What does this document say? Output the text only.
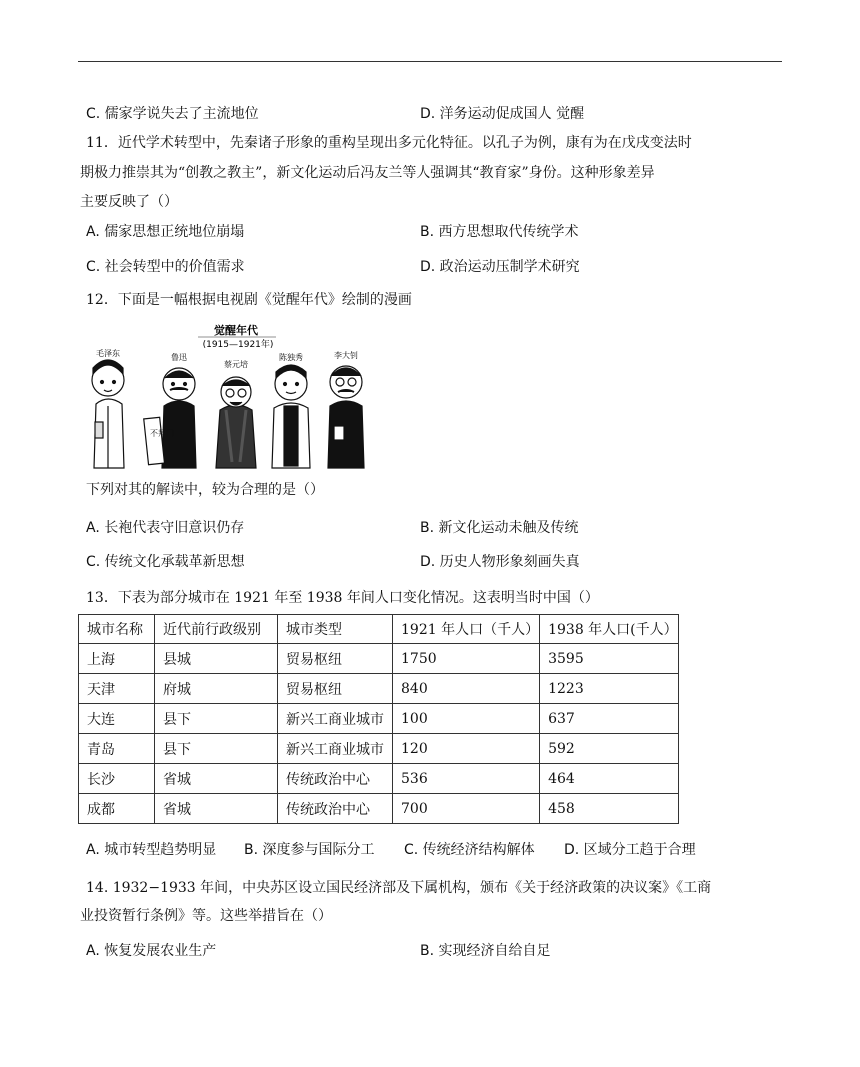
C. 儒家学说失去了主流地位	D. 洋务运动促成国人 觉醒
11．近代学术转型中，先秦诸子形象的重构呈现出多元化特征。以孔子为例，康有为在戊戌变法时
期极力推崇其为“创教之教主”，新文化运动后冯友兰等人强调其“教育家”身份。这种形象差异
主要反映了（）
A. 儒家思想正统地位崩塌	B. 西方思想取代传统学术
C. 社会转型中的价值需求	D. 政治运动压制学术研究
12．下面是一幅根据电视剧《觉醒年代》绘制的漫画
觉醒年代
(1915—1921年)
毛泽东	鲁迅
蔡元培
陈独秀	李大钊
不拜门
下列对其的解读中，较为合理的是（）
A. 长袍代表守旧意识仍存	B. 新文化运动未触及传统
C. 传统文化承载革新思想	D. 历史人物形象刻画失真
13．下表为部分城市在 1921 年至 1938 年间人口变化情况。这表明当时中国（）
城市名称	近代前行政级别	城市类型	1921 年人口（千人）	1938 年人口(千人）
上海	县城	贸易枢纽	1750	3595
天津	府城	贸易枢纽	840	1223
大连	县下	新兴工商业城市	100	637
青岛	县下	新兴工商业城市	120	592
长沙	省城	传统政治中心	536	464
成都	省城	传统政治中心	700	458
A. 城市转型趋势明显 B. 深度参与国际分工 C. 传统经济结构解体 D. 区域分工趋于合理
14. 1932−1933 年间，中央苏区设立国民经济部及下属机构，颁布《关于经济政策的决议案》《工商
业投资暂行条例》等。这些举措旨在（）
A. 恢复发展农业生产	B. 实现经济自给自足
